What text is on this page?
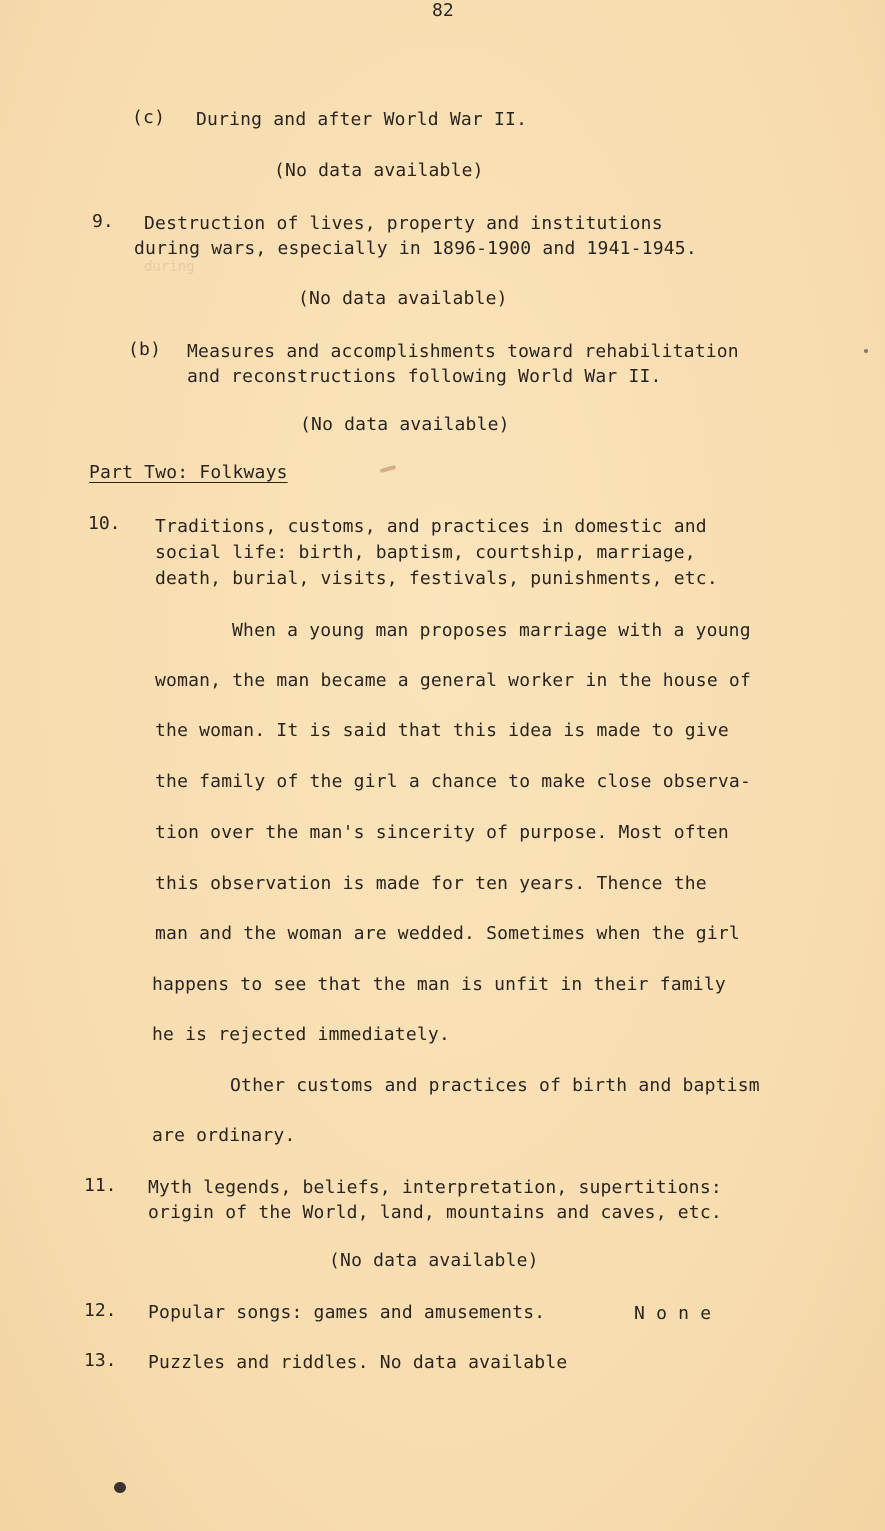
82
(c) During and after World War II.
(No data available)
9. Destruction of lives, property and institutions
during wars, especially in 1896-1900 and 1941-1945.
during
(No data available)
(b) Measures and accomplishments toward rehabilitation
and reconstructions following World War II.
(No data available)
Part Two: Folkways
10. Traditions, customs, and practices in domestic and
social life: birth, baptism, courtship, marriage,
death, burial, visits, festivals, punishments, etc.
When a young man proposes marriage with a young
woman, the man became a general worker in the house of
the woman. It is said that this idea is made to give
the family of the girl a chance to make close observa-
tion over the man's sincerity of purpose. Most often
this observation is made for ten years. Thence the
man and the woman are wedded. Sometimes when the girl
happens to see that the man is unfit in their family
he is rejected immediately.
Other customs and practices of birth and baptism
are ordinary.
11. Myth legends, beliefs, interpretation, supertitions:
origin of the World, land, mountains and caves, etc.
(No data available)
12. Popular songs: games and amusements.	N o n e
13. Puzzles and riddles. No data available
